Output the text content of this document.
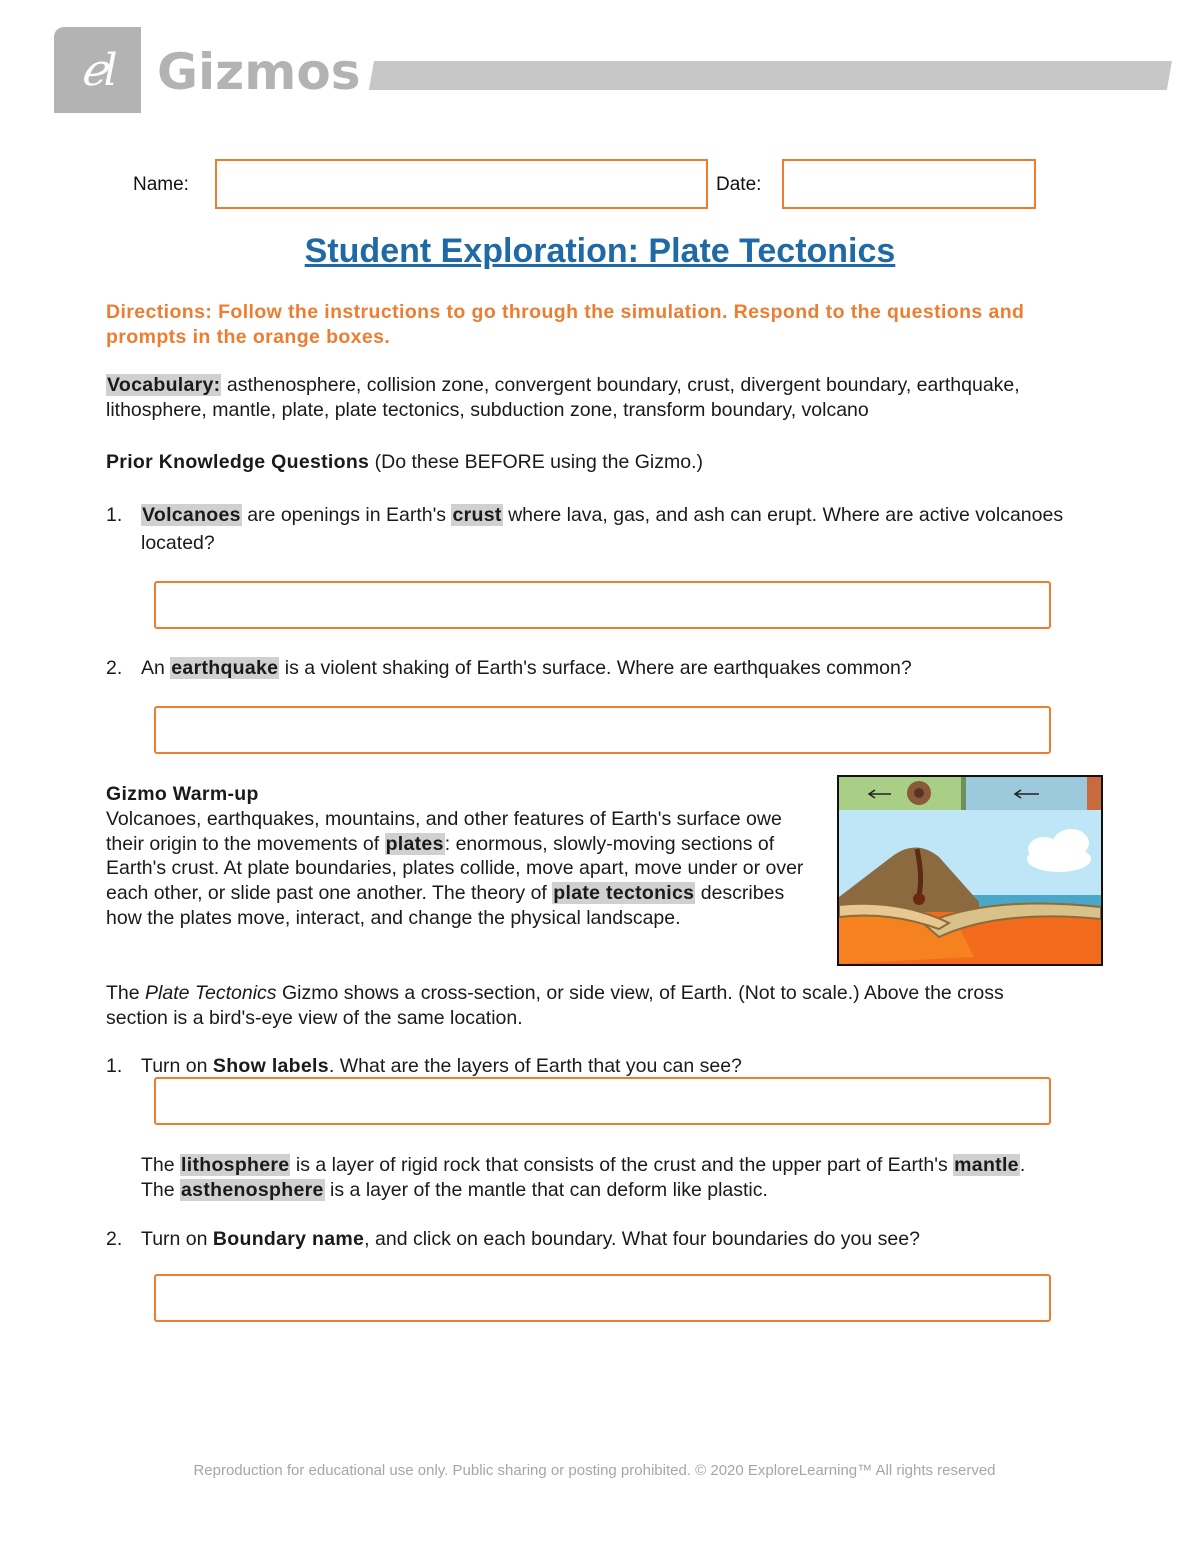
ℯl Gizmos
Name:	Date:
Student Exploration: Plate Tectonics
Directions: Follow the instructions to go through the simulation. Respond to the questions and prompts in the orange boxes.
Vocabulary: asthenosphere, collision zone, convergent boundary, crust, divergent boundary, earthquake, lithosphere, mantle, plate, plate tectonics, subduction zone, transform boundary, volcano
Prior Knowledge Questions (Do these BEFORE using the Gizmo.)
1. Volcanoes are openings in Earth's crust where lava, gas, and ash can erupt. Where are active volcanoes located?
2. An earthquake is a violent shaking of Earth's surface. Where are earthquakes common?
Gizmo Warm-up
Volcanoes, earthquakes, mountains, and other features of Earth's surface owe their origin to the movements of plates: enormous, slowly-moving sections of Earth's crust. At plate boundaries, plates collide, move apart, move under or over each other, or slide past one another. The theory of plate tectonics describes how the plates move, interact, and change the physical landscape.
The Plate Tectonics Gizmo shows a cross-section, or side view, of Earth. (Not to scale.) Above the cross section is a bird's-eye view of the same location.
1. Turn on Show labels. What are the layers of Earth that you can see?
The lithosphere is a layer of rigid rock that consists of the crust and the upper part of Earth's mantle. The asthenosphere is a layer of the mantle that can deform like plastic.
2. Turn on Boundary name, and click on each boundary. What four boundaries do you see?
Reproduction for educational use only. Public sharing or posting prohibited. © 2020 ExploreLearning™ All rights reserved
